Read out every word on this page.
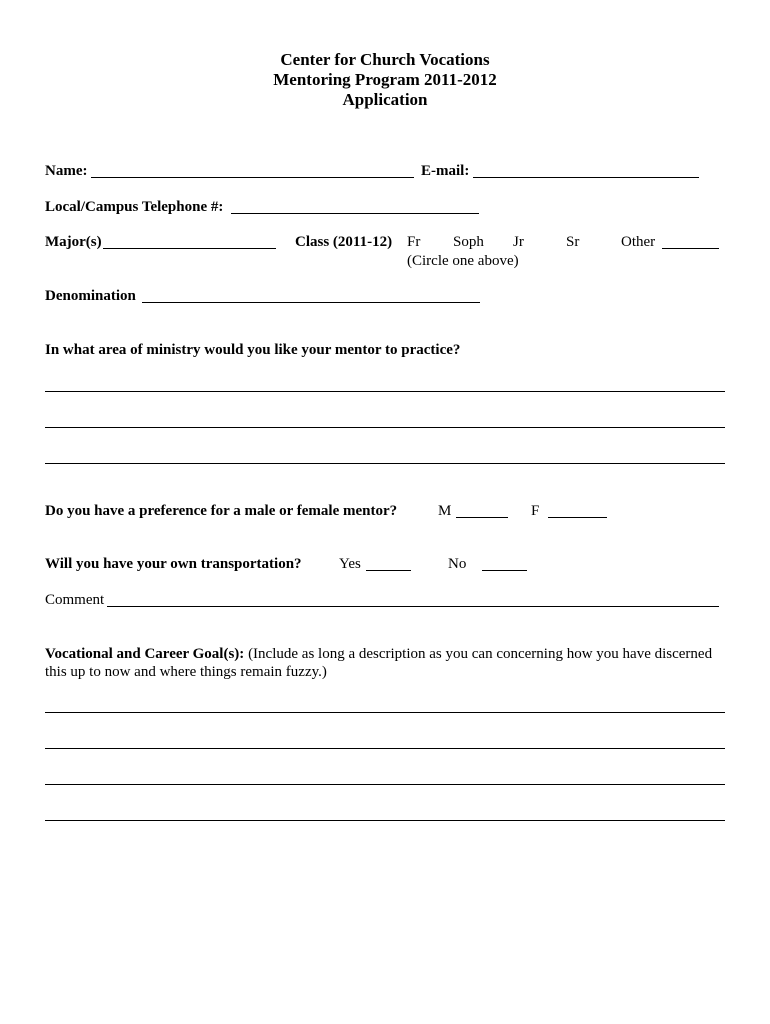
Center for Church Vocations
Mentoring Program 2011-2012
Application
Name:	E-mail:
Local/Campus Telephone #:
Major(s)	Class (2011-12) Fr Soph Jr	Sr	Other
(Circle one above)
Denomination
In what area of ministry would you like your mentor to practice?
Do you have a preference for a male or female mentor?	M	F
Will you have your own transportation? Yes	No
Comment
Vocational and Career Goal(s): (Include as long a description as you can concerning how you have discerned
this up to now and where things remain fuzzy.)
